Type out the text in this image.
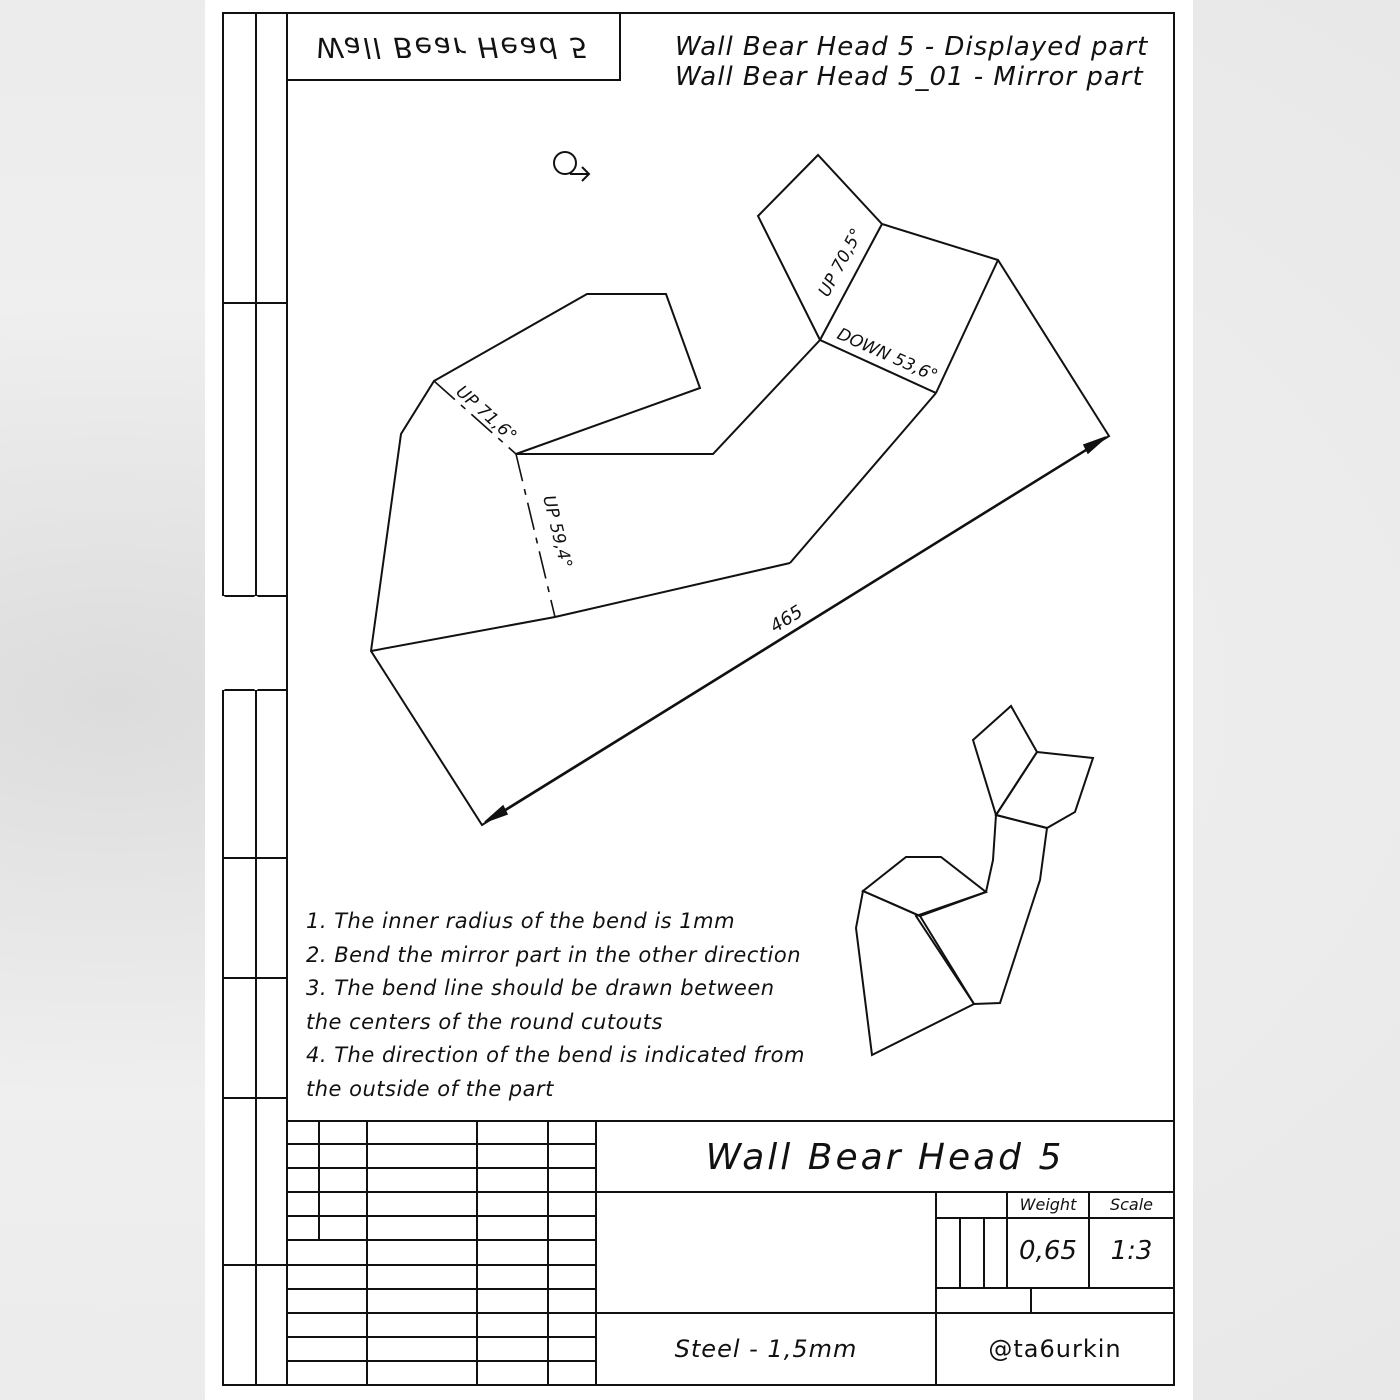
UP 71,6°
UP 70,5°
DOWN 53,6°
UP 59,4°
465
Wall Bear Head 5	Wall Bear Head 5 - Displayed part
Wall Bear Head 5_01 - Mirror part
1. The inner radius of the bend is 1mm
2. Bend the mirror part in the other direction
3. The bend line should be drawn between
the centers of the round cutouts
4. The direction of the bend is indicated from
the outside of the part
Wall Bear Head 5
Weight	Scale
0,65	1:3
Steel - 1,5mm	@ta6urkin
